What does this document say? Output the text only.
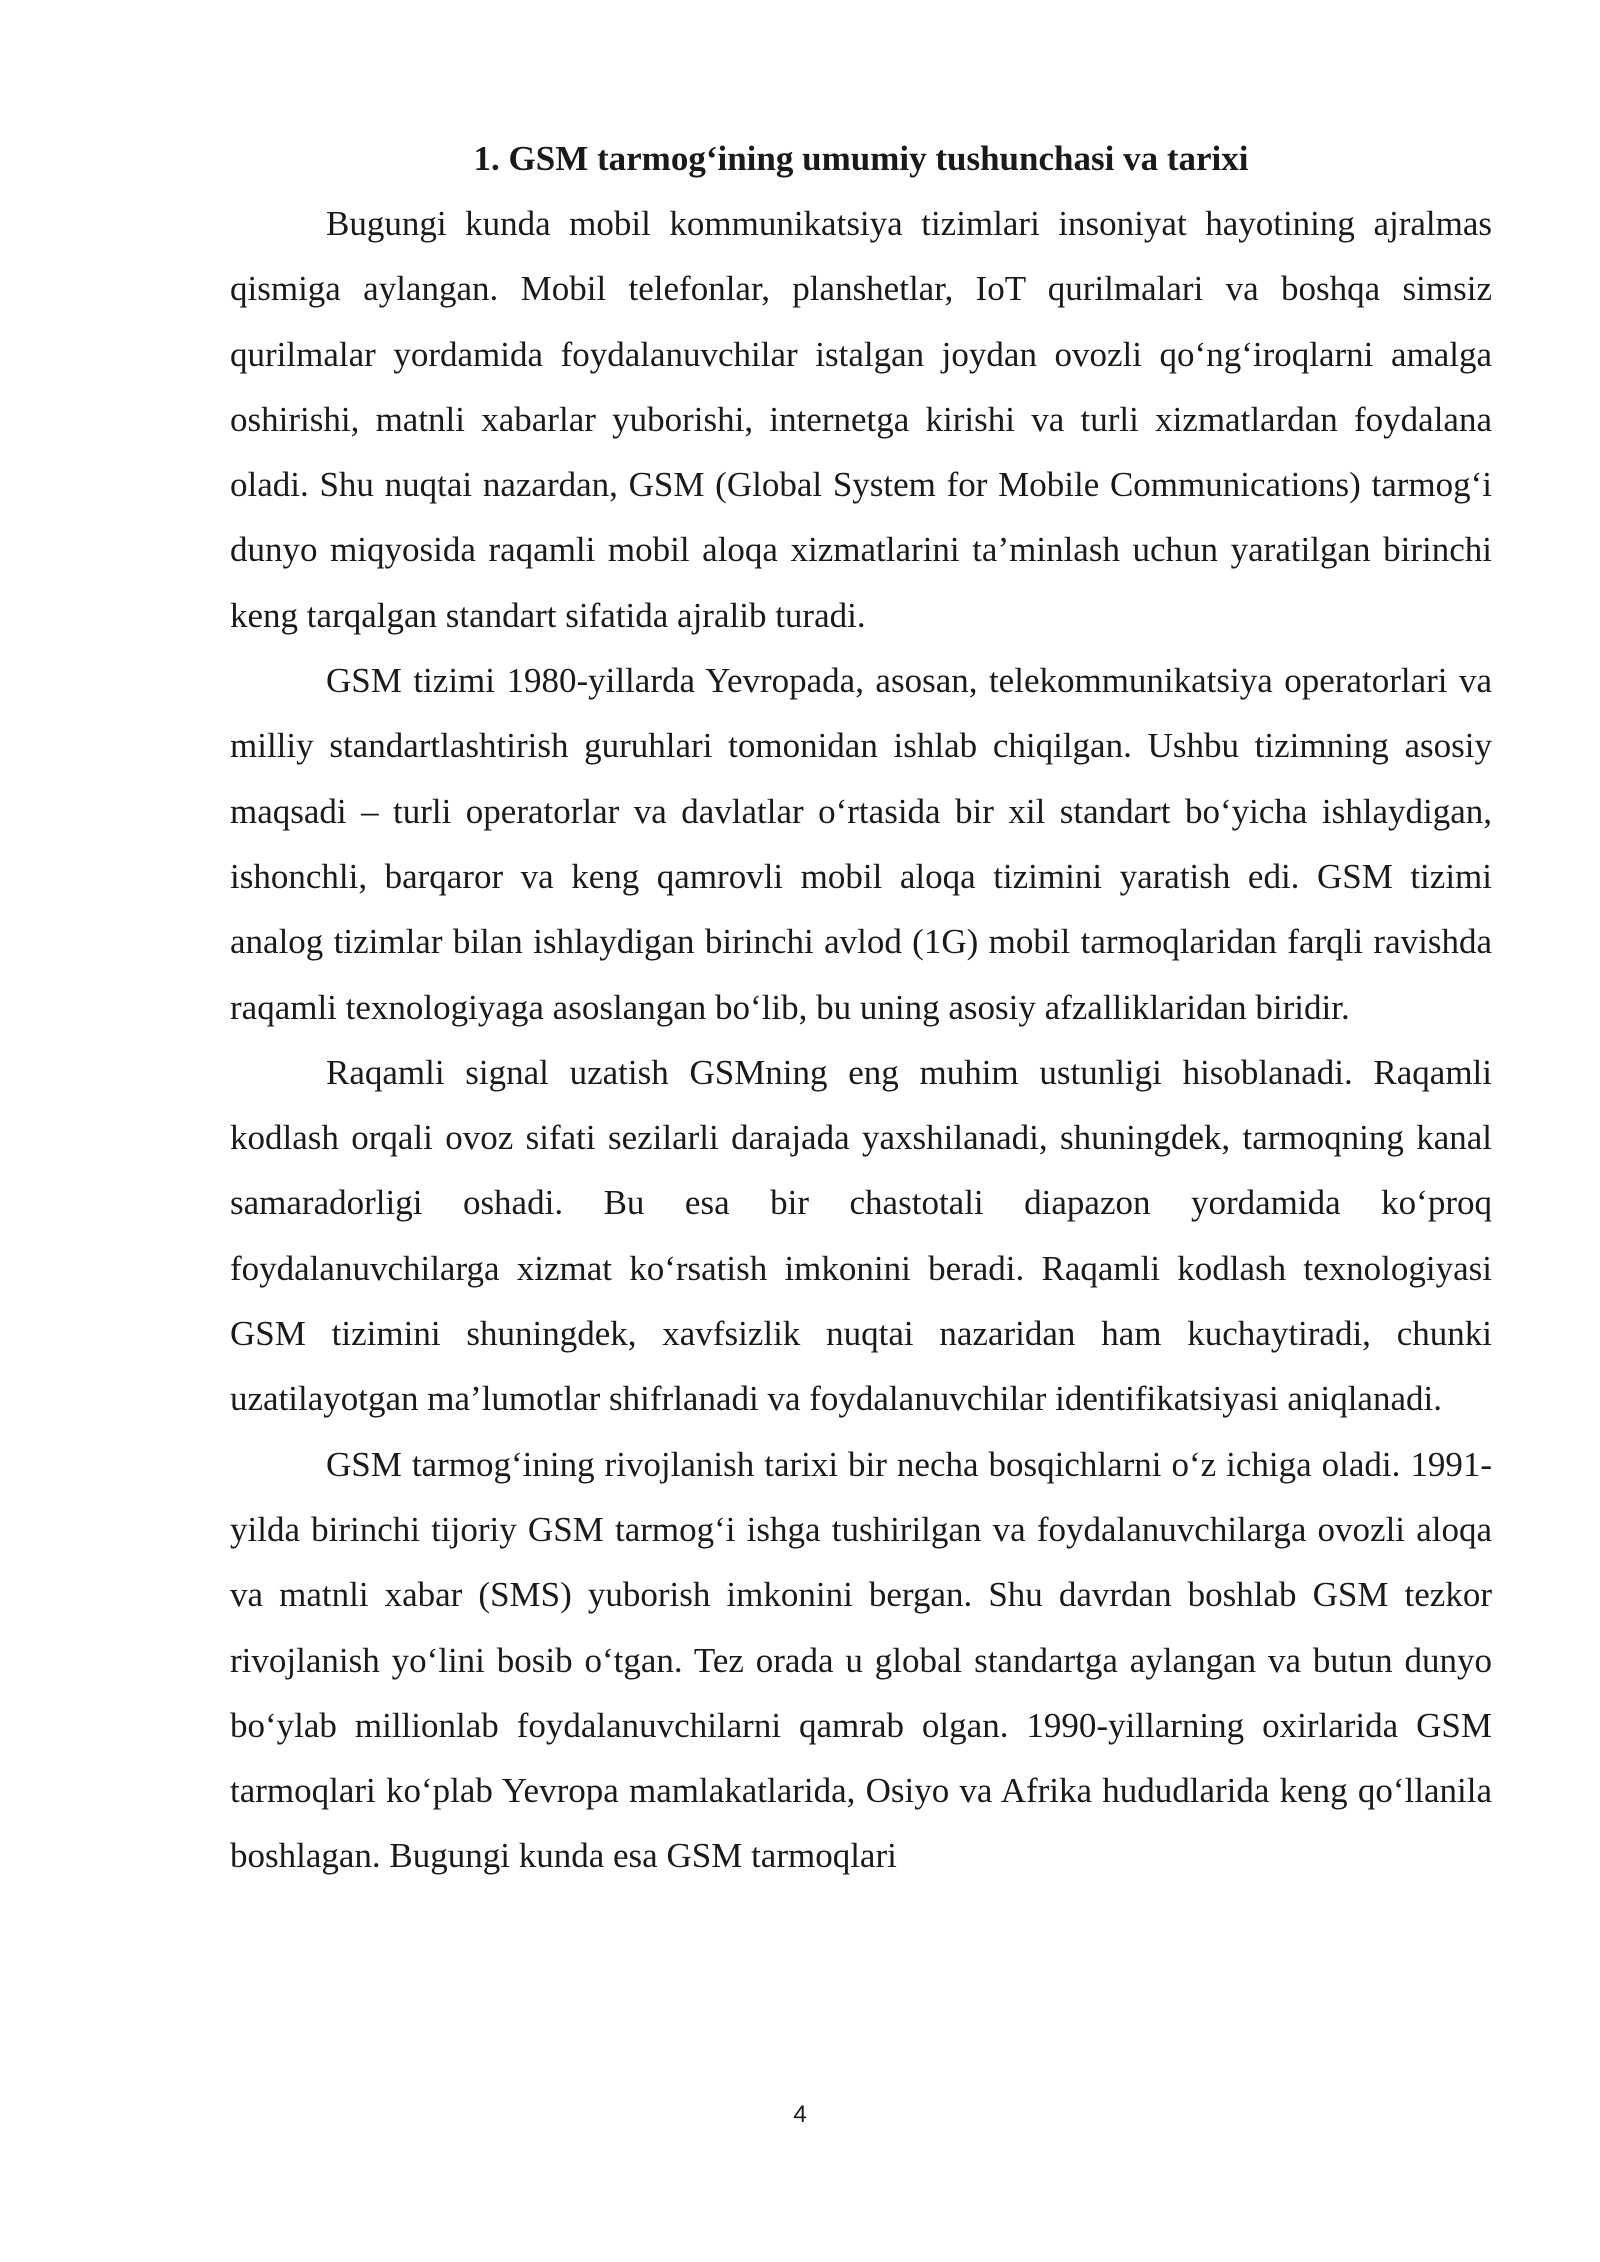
1. GSM tarmog‘ining umumiy tushunchasi va tarixi

Bugungi kunda mobil kommunikatsiya tizimlari insoniyat hayotining ajralmas qismiga aylangan. Mobil telefonlar, planshetlar, IoT qurilmalari va boshqa simsiz qurilmalar yordamida foydalanuvchilar istalgan joydan ovozli qo‘ng‘iroqlarni amalga oshirishi, matnli xabarlar yuborishi, internetga kirishi va turli xizmatlardan foydalana oladi. Shu nuqtai nazardan, GSM (Global System for Mobile Communications) tarmog‘i dunyo miqyosida raqamli mobil aloqa xizmatlarini ta’minlash uchun yaratilgan birinchi keng tarqalgan standart sifatida ajralib turadi.

GSM tizimi 1980-yillarda Yevropada, asosan, telekommunikatsiya operatorlari va milliy standartlashtirish guruhlari tomonidan ishlab chiqilgan. Ushbu tizimning asosiy maqsadi – turli operatorlar va davlatlar o‘rtasida bir xil standart bo‘yicha ishlaydigan, ishonchli, barqaror va keng qamrovli mobil aloqa tizimini yaratish edi. GSM tizimi analog tizimlar bilan ishlaydigan birinchi avlod (1G) mobil tarmoqlaridan farqli ravishda raqamli texnologiyaga asoslangan bo‘lib, bu uning asosiy afzalliklaridan biridir.

Raqamli signal uzatish GSMning eng muhim ustunligi hisoblanadi. Raqamli kodlash orqali ovoz sifati sezilarli darajada yaxshilanadi, shuningdek, tarmoqning kanal samaradorligi oshadi. Bu esa bir chastotali diapazon yordamida ko‘proq foydalanuvchilarga xizmat ko‘rsatish imkonini beradi. Raqamli kodlash texnologiyasi GSM tizimini shuningdek, xavfsizlik nuqtai nazaridan ham kuchaytiradi, chunki uzatilayotgan ma’lumotlar shifrlanadi va foydalanuvchilar identifikatsiyasi aniqlanadi.

GSM tarmog‘ining rivojlanish tarixi bir necha bosqichlarni o‘z ichiga oladi. 1991-yilda birinchi tijoriy GSM tarmog‘i ishga tushirilgan va foydalanuvchilarga ovozli aloqa va matnli xabar (SMS) yuborish imkonini bergan. Shu davrdan boshlab GSM tezkor rivojlanish yo‘lini bosib o‘tgan. Tez orada u global standartga aylangan va butun dunyo bo‘ylab millionlab foydalanuvchilarni qamrab olgan. 1990-yillarning oxirlarida GSM tarmoqlari ko‘plab Yevropa mamlakatlarida, Osiyo va Afrika hududlarida keng qo‘llanila boshlagan. Bugungi kunda esa GSM tarmoqlari

4
